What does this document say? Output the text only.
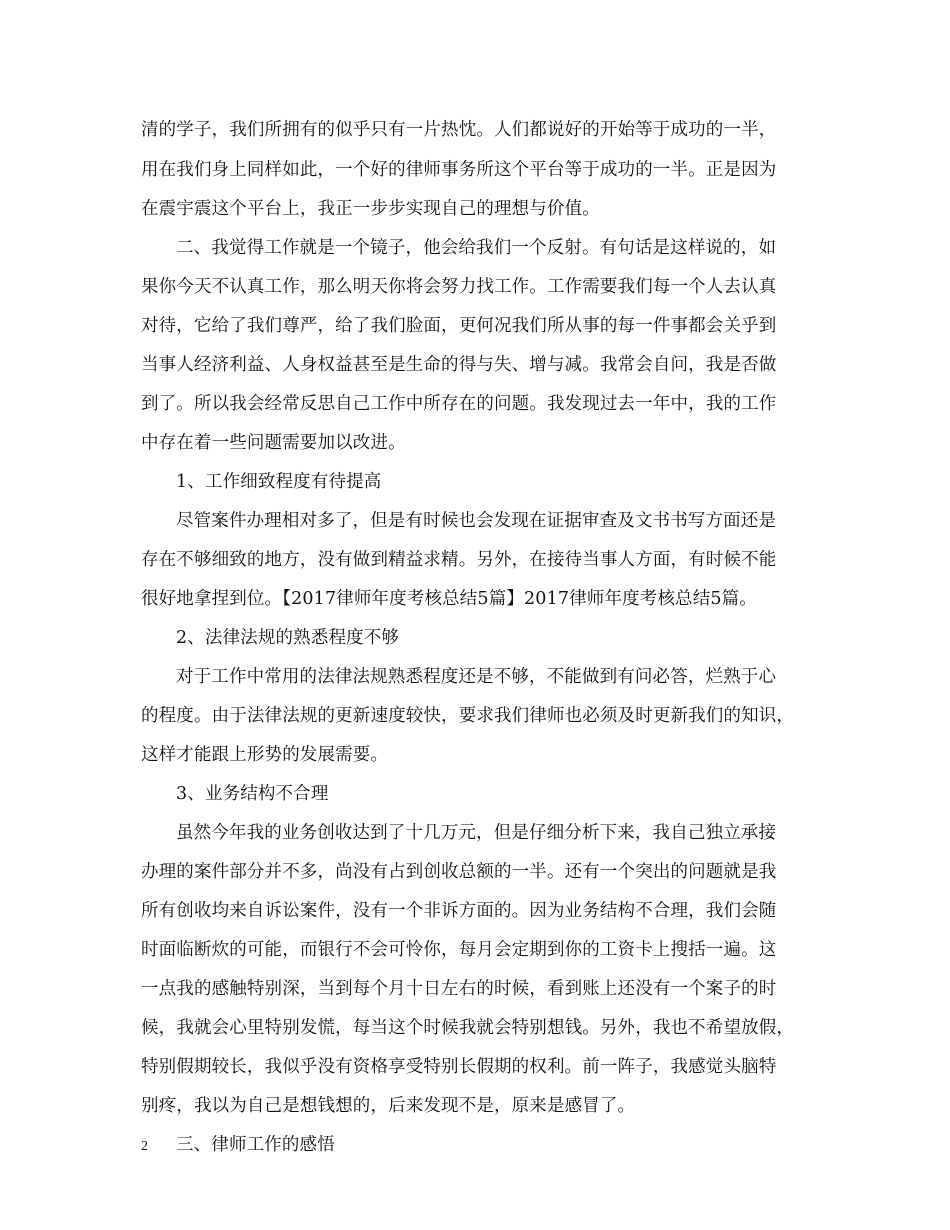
清的学子，我们所拥有的似乎只有一片热忱。人们都说好的开始等于成功的一半，
用在我们身上同样如此，一个好的律师事务所这个平台等于成功的一半。正是因为
在震宇震这个平台上，我正一步步实现自己的理想与价值。
二、我觉得工作就是一个镜子，他会给我们一个反射。有句话是这样说的，如
果你今天不认真工作，那么明天你将会努力找工作。工作需要我们每一个人去认真
对待，它给了我们尊严，给了我们脸面，更何况我们所从事的每一件事都会关乎到
当事人经济利益、人身权益甚至是生命的得与失、增与减。我常会自问，我是否做
到了。所以我会经常反思自己工作中所存在的问题。我发现过去一年中，我的工作
中存在着一些问题需要加以改进。
1、工作细致程度有待提高
尽管案件办理相对多了，但是有时候也会发现在证据审查及文书书写方面还是
存在不够细致的地方，没有做到精益求精。另外，在接待当事人方面，有时候不能
很好地拿捏到位。【2017律师年度考核总结5篇】2017律师年度考核总结5篇。
2、法律法规的熟悉程度不够
对于工作中常用的法律法规熟悉程度还是不够，不能做到有问必答，烂熟于心
的程度。由于法律法规的更新速度较快，要求我们律师也必须及时更新我们的知识，
这样才能跟上形势的发展需要。
3、业务结构不合理
虽然今年我的业务创收达到了十几万元，但是仔细分析下来，我自己独立承接
办理的案件部分并不多，尚没有占到创收总额的一半。还有一个突出的问题就是我
所有创收均来自诉讼案件，没有一个非诉方面的。因为业务结构不合理，我们会随
时面临断炊的可能，而银行不会可怜你，每月会定期到你的工资卡上搜括一遍。这
一点我的感触特别深，当到每个月十日左右的时候，看到账上还没有一个案子的时
候，我就会心里特别发慌，每当这个时候我就会特别想钱。另外，我也不希望放假，
特别假期较长，我似乎没有资格享受特别长假期的权利。前一阵子，我感觉头脑特
别疼，我以为自己是想钱想的，后来发现不是，原来是感冒了。
三、律师工作的感悟
2
